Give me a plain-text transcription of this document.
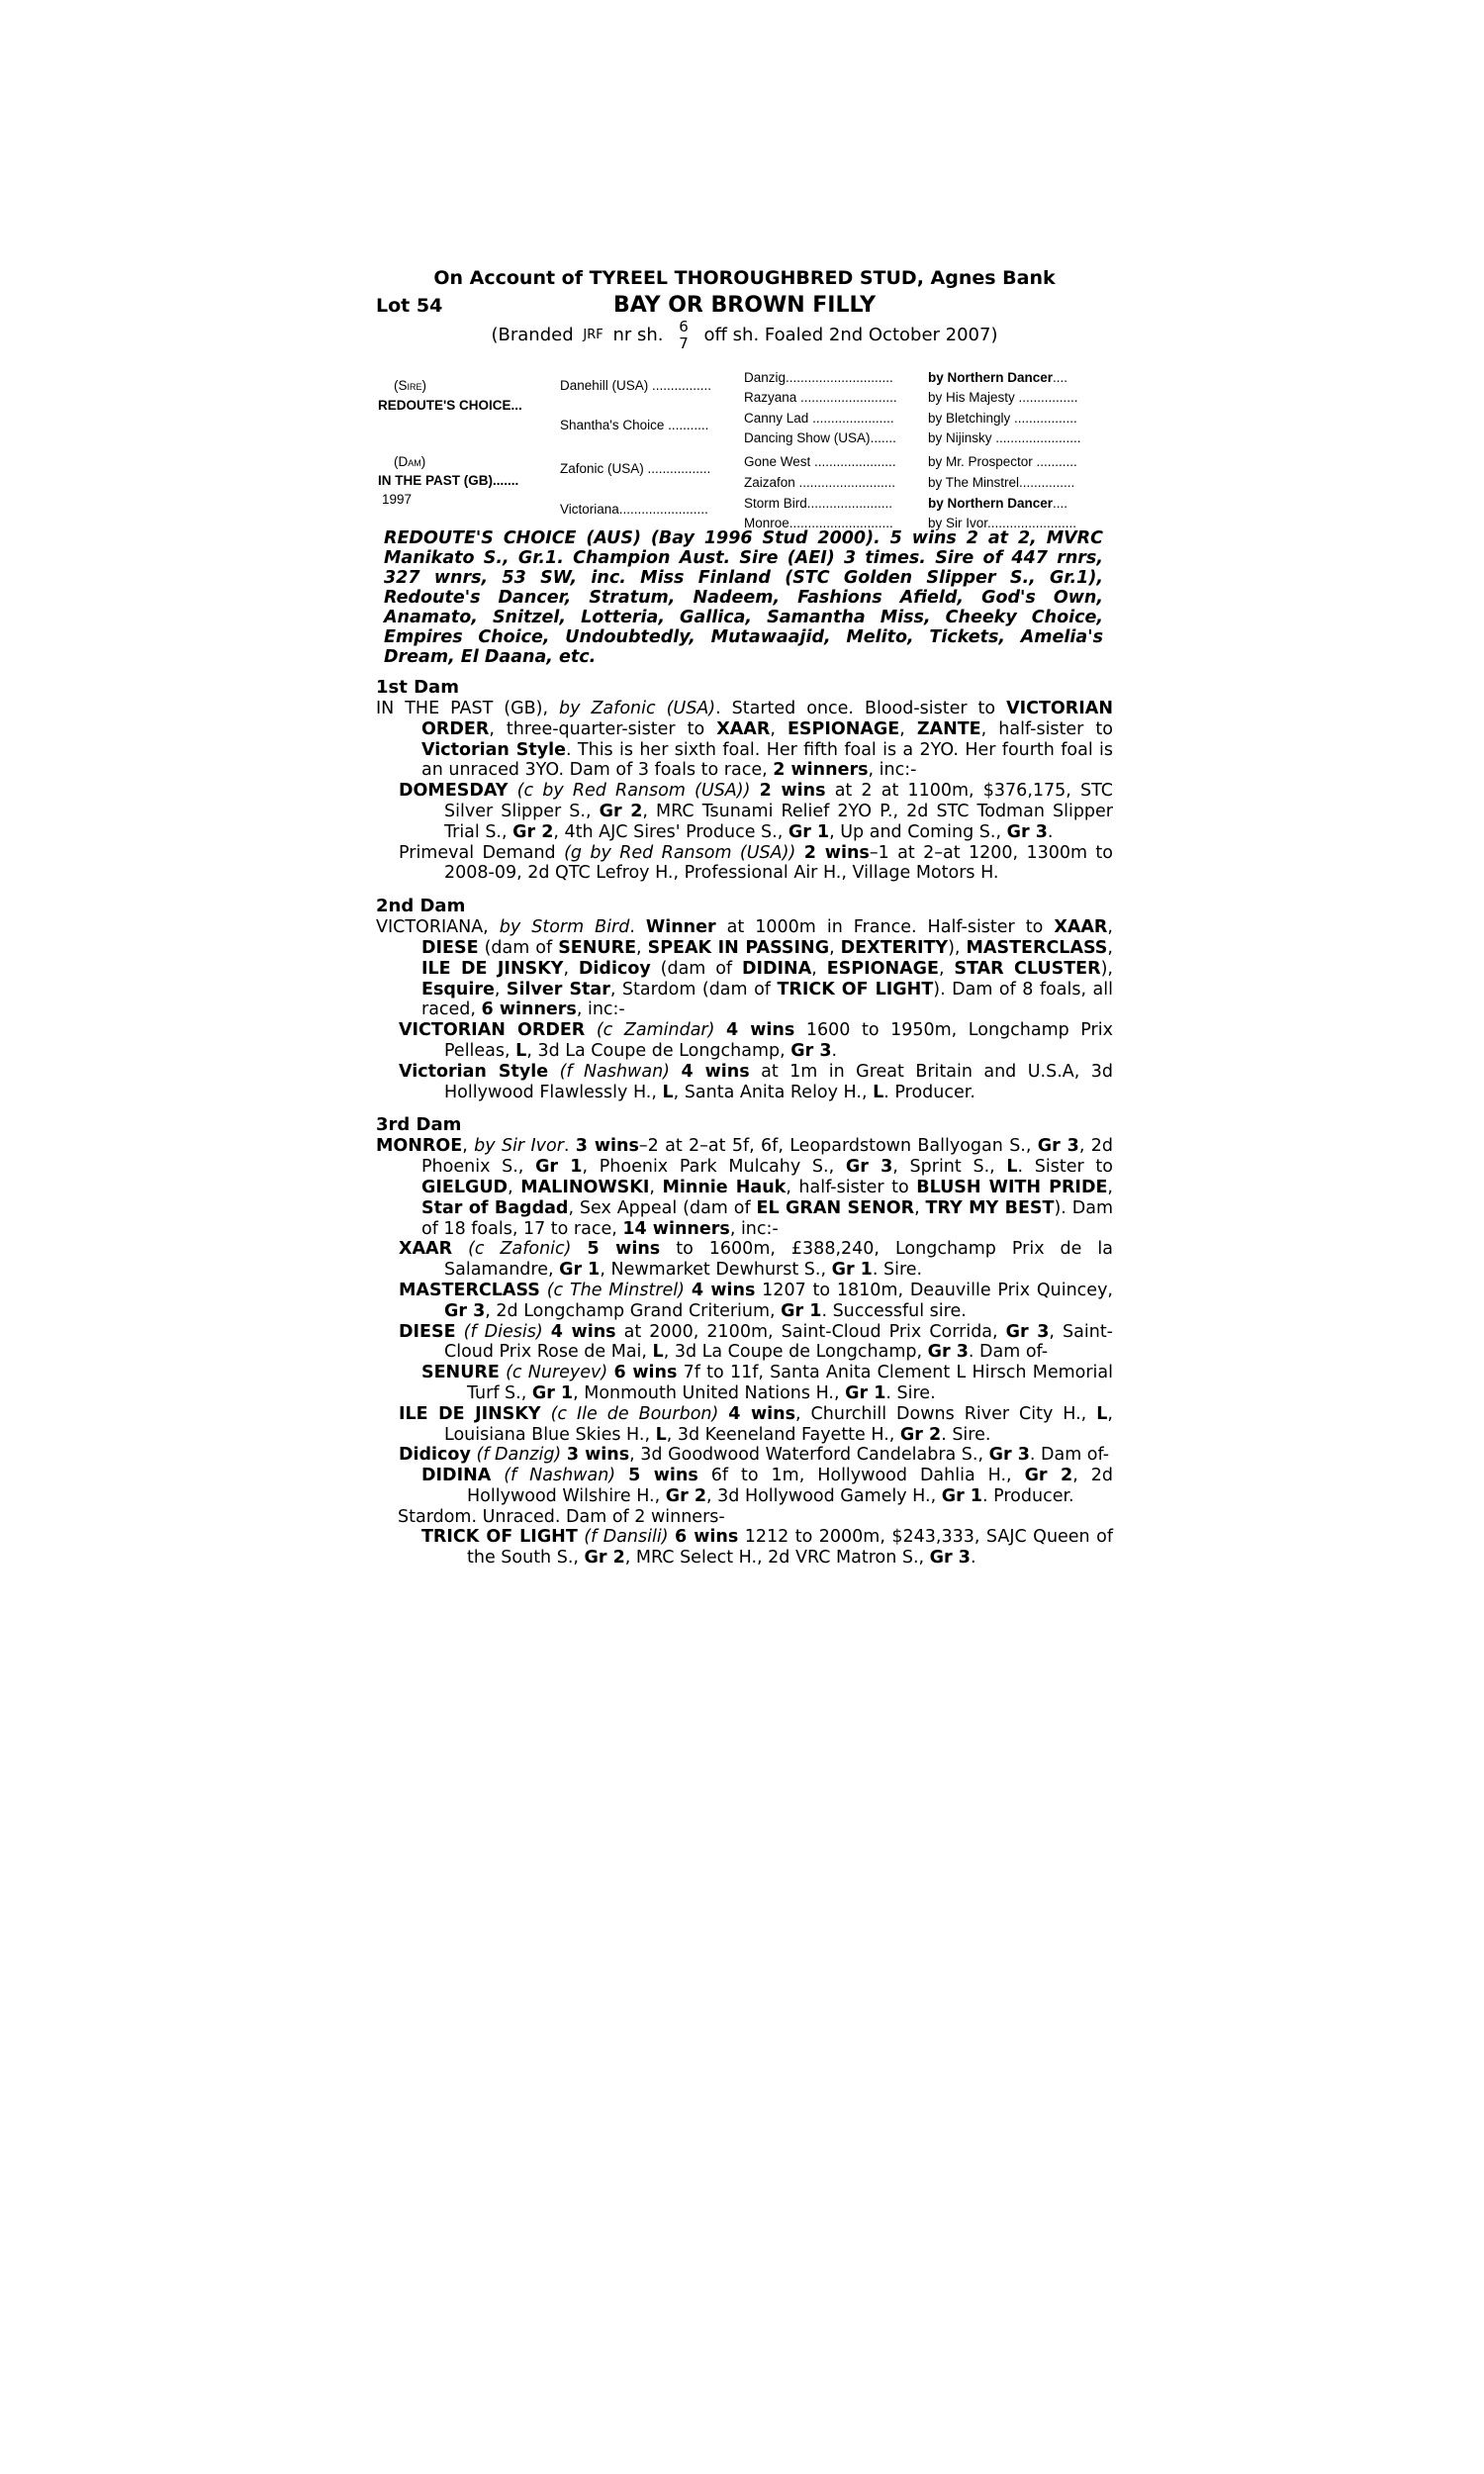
On Account of TYREEL THOROUGHBRED STUD, Agnes Bank
Lot 54	BAY OR BROWN FILLY
(Branded JRF nr sh. 6
7 off sh. Foaled 2nd October 2007)
(Sire)
REDOUTE'S CHOICE...
(Dam)
IN THE PAST (GB).......
1997
Danehill (USA) ................
Shantha's Choice ...........
Zafonic (USA) .................
Victoriana........................
Danzig.............................
Razyana ..........................
Canny Lad ......................
Dancing Show (USA).......
Gone West ......................
Zaizafon ..........................
Storm Bird.......................
Monroe............................
by Northern Dancer....
by His Majesty ................
by Bletchingly .................
by Nijinsky .......................
by Mr. Prospector ...........
by The Minstrel...............
by Northern Dancer....
by Sir Ivor........................
REDOUTE'S CHOICE (AUS) (Bay 1996 Stud 2000). 5 wins 2 at 2, MVRC Manikato S., Gr.1. Champion Aust. Sire (AEI) 3 times. Sire of 447 rnrs, 327 wnrs, 53 SW, inc. Miss Finland (STC Golden Slipper S., Gr.1), Redoute's Dancer, Stratum, Nadeem, Fashions Afield, God's Own, Anamato, Snitzel, Lotteria, Gallica, Samantha Miss, Cheeky Choice, Empires Choice, Undoubtedly, Mutawaajid, Melito, Tickets, Amelia's Dream, El Daana, etc.
1st Dam
IN THE PAST (GB), by Zafonic (USA). Started once. Blood-sister to VICTORIAN ORDER, three-quarter-sister to XAAR, ESPIONAGE, ZANTE, half-sister to Victorian Style. This is her sixth foal. Her fifth foal is a 2YO. Her fourth foal is an unraced 3YO. Dam of 3 foals to race, 2 winners, inc:-
DOMESDAY (c by Red Ransom (USA)) 2 wins at 2 at 1100m, $376,175, STC Silver Slipper S., Gr 2, MRC Tsunami Relief 2YO P., 2d STC Todman Slipper Trial S., Gr 2, 4th AJC Sires' Produce S., Gr 1, Up and Coming S., Gr 3.
Primeval Demand (g by Red Ransom (USA)) 2 wins–1 at 2–at 1200, 1300m to 2008-09, 2d QTC Lefroy H., Professional Air H., Village Motors H.
2nd Dam
VICTORIANA, by Storm Bird. Winner at 1000m in France. Half-sister to XAAR, DIESE (dam of SENURE, SPEAK IN PASSING, DEXTERITY), MASTERCLASS, ILE DE JINSKY, Didicoy (dam of DIDINA, ESPIONAGE, STAR CLUSTER), Esquire, Silver Star, Stardom (dam of TRICK OF LIGHT). Dam of 8 foals, all raced, 6 winners, inc:-
VICTORIAN ORDER (c Zamindar) 4 wins 1600 to 1950m, Longchamp Prix Pelleas, L, 3d La Coupe de Longchamp, Gr 3.
Victorian Style (f Nashwan) 4 wins at 1m in Great Britain and U.S.A, 3d Hollywood Flawlessly H., L, Santa Anita Reloy H., L. Producer.
3rd Dam
MONROE, by Sir Ivor. 3 wins–2 at 2–at 5f, 6f, Leopardstown Ballyogan S., Gr 3, 2d Phoenix S., Gr 1, Phoenix Park Mulcahy S., Gr 3, Sprint S., L. Sister to GIELGUD, MALINOWSKI, Minnie Hauk, half-sister to BLUSH WITH PRIDE, Star of Bagdad, Sex Appeal (dam of EL GRAN SENOR, TRY MY BEST). Dam of 18 foals, 17 to race, 14 winners, inc:-
XAAR (c Zafonic) 5 wins to 1600m, £388,240, Longchamp Prix de la Salamandre, Gr 1, Newmarket Dewhurst S., Gr 1. Sire.
MASTERCLASS (c The Minstrel) 4 wins 1207 to 1810m, Deauville Prix Quincey, Gr 3, 2d Longchamp Grand Criterium, Gr 1. Successful sire.
DIESE (f Diesis) 4 wins at 2000, 2100m, Saint-Cloud Prix Corrida, Gr 3, Saint-Cloud Prix Rose de Mai, L, 3d La Coupe de Longchamp, Gr 3. Dam of-
SENURE (c Nureyev) 6 wins 7f to 11f, Santa Anita Clement L Hirsch Memorial Turf S., Gr 1, Monmouth United Nations H., Gr 1. Sire.
ILE DE JINSKY (c Ile de Bourbon) 4 wins, Churchill Downs River City H., L, Louisiana Blue Skies H., L, 3d Keeneland Fayette H., Gr 2. Sire.
Didicoy (f Danzig) 3 wins, 3d Goodwood Waterford Candelabra S., Gr 3. Dam of-
DIDINA (f Nashwan) 5 wins 6f to 1m, Hollywood Dahlia H., Gr 2, 2d Hollywood Wilshire H., Gr 2, 3d Hollywood Gamely H., Gr 1. Producer.
Stardom. Unraced. Dam of 2 winners-
TRICK OF LIGHT (f Dansili) 6 wins 1212 to 2000m, $243,333, SAJC Queen of the South S., Gr 2, MRC Select H., 2d VRC Matron S., Gr 3.
